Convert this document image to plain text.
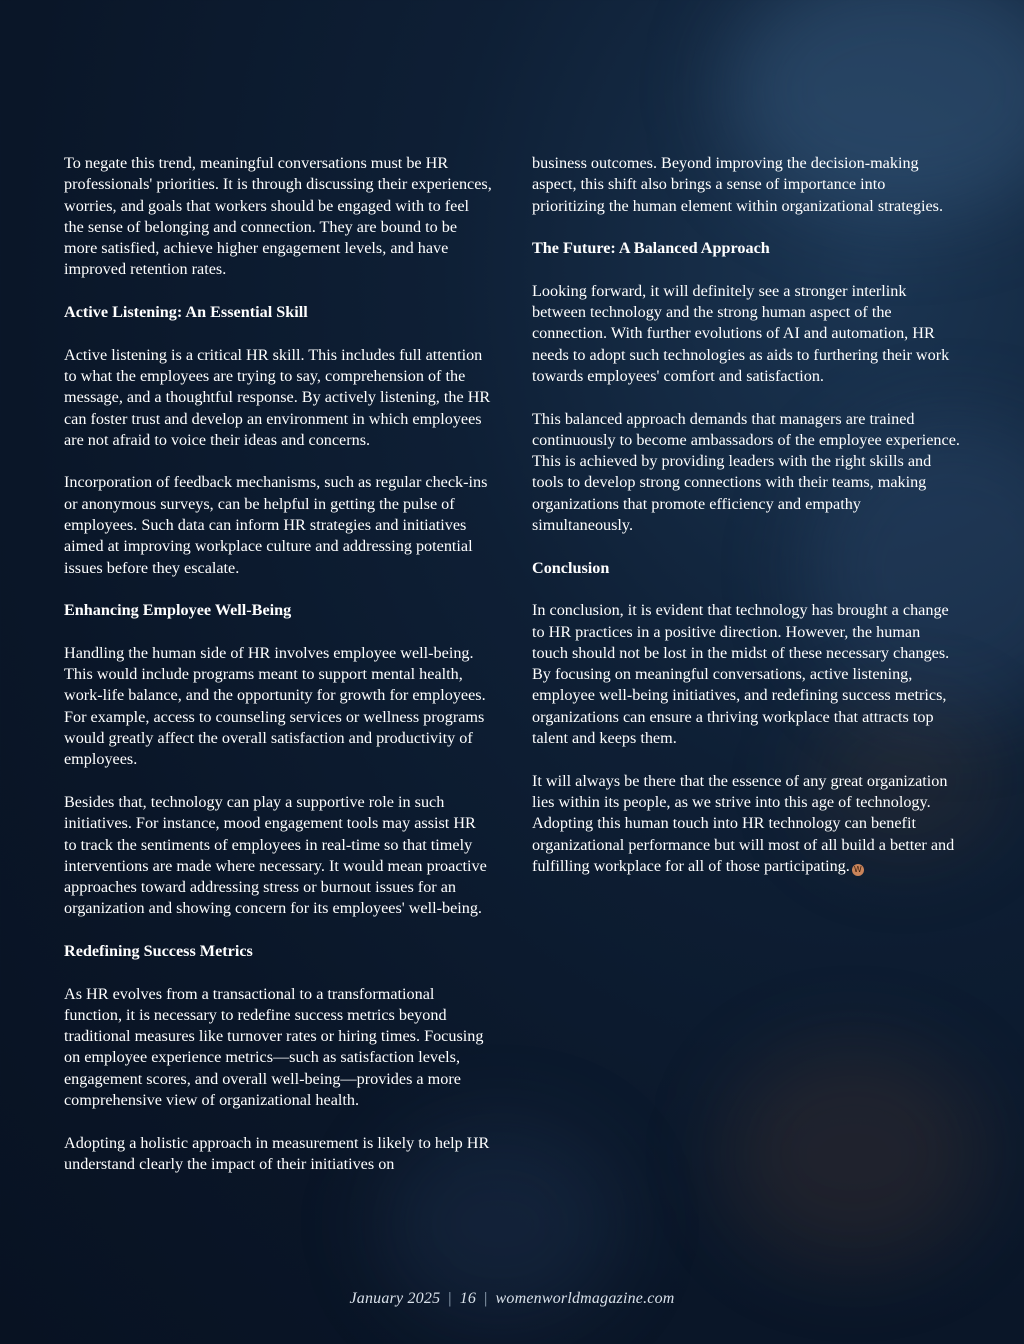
To negate this trend, meaningful conversations must be HR professionals' priorities. It is through discussing their experiences, worries, and goals that workers should be engaged with to feel the sense of belonging and connection. They are bound to be more satisfied, achieve higher engagement levels, and have improved retention rates.

Active Listening: An Essential Skill

Active listening is a critical HR skill. This includes full attention to what the employees are trying to say, comprehension of the message, and a thoughtful response. By actively listening, the HR can foster trust and develop an environment in which employees are not afraid to voice their ideas and concerns.

Incorporation of feedback mechanisms, such as regular check-ins or anonymous surveys, can be helpful in getting the pulse of employees. Such data can inform HR strategies and initiatives aimed at improving workplace culture and addressing potential issues before they escalate.

Enhancing Employee Well-Being

Handling the human side of HR involves employee well-being. This would include programs meant to support mental health, work-life balance, and the opportunity for growth for employees. For example, access to counseling services or wellness programs would greatly affect the overall satisfaction and productivity of employees.

Besides that, technology can play a supportive role in such initiatives. For instance, mood engagement tools may assist HR to track the sentiments of employees in real-time so that timely interventions are made where necessary. It would mean proactive approaches toward addressing stress or burnout issues for an organization and showing concern for its employees' well-being.

Redefining Success Metrics

As HR evolves from a transactional to a transformational function, it is necessary to redefine success metrics beyond traditional measures like turnover rates or hiring times. Focusing on employee experience metrics—such as satisfaction levels, engagement scores, and overall well-being—provides a more comprehensive view of organizational health.

Adopting a holistic approach in measurement is likely to help HR understand clearly the impact of their initiatives on

business outcomes. Beyond improving the decision-making aspect, this shift also brings a sense of importance into prioritizing the human element within organizational strategies.

The Future: A Balanced Approach

Looking forward, it will definitely see a stronger interlink between technology and the strong human aspect of the connection. With further evolutions of AI and automation, HR needs to adopt such technologies as aids to furthering their work towards employees' comfort and satisfaction.

This balanced approach demands that managers are trained continuously to become ambassadors of the employee experience. This is achieved by providing leaders with the right skills and tools to develop strong connections with their teams, making organizations that promote efficiency and empathy simultaneously.

Conclusion

In conclusion, it is evident that technology has brought a change to HR practices in a positive direction. However, the human touch should not be lost in the midst of these necessary changes. By focusing on meaningful conversations, active listening, employee well-being initiatives, and redefining success metrics, organizations can ensure a thriving workplace that attracts top talent and keeps them.

It will always be there that the essence of any great organization lies within its people, as we strive into this age of technology. Adopting this human touch into HR technology can benefit organizational performance but will most of all build a better and fulfilling workplace for all of those participating. W

January 2025 | 16 | womenworldmagazine.com
